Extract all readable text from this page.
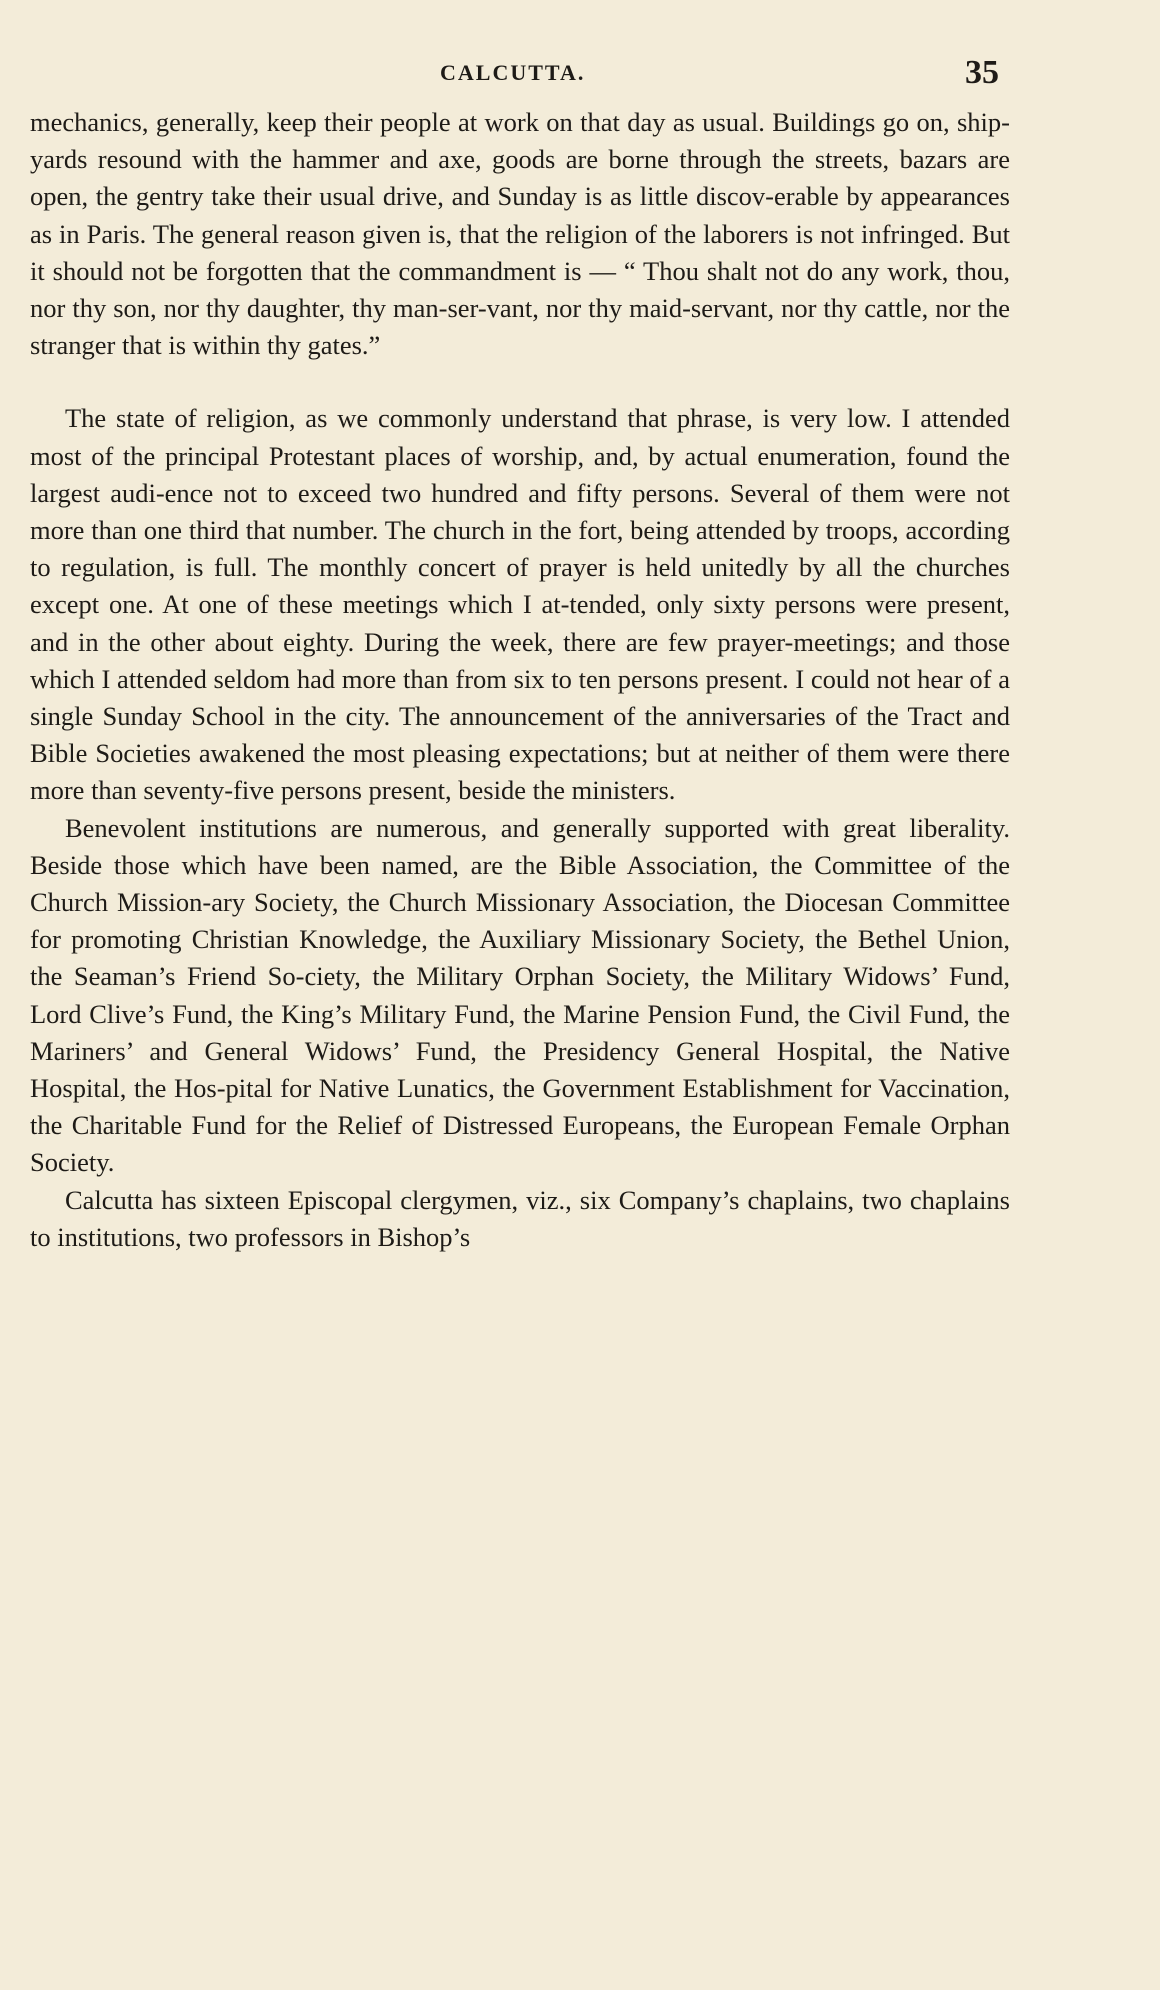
CALCUTTA.	35

mechanics, generally, keep their people at work on that day as usual. Buildings go on, ship-yards resound with the hammer and axe, goods are borne through the streets, bazars are open, the gentry take their usual drive, and Sunday is as little discov-erable by appearances as in Paris. The general reason given is, that the religion of the laborers is not infringed. But it should not be forgotten that the commandment is — “ Thou shalt not do any work, thou, nor thy son, nor thy daughter, thy man-ser-vant, nor thy maid-servant, nor thy cattle, nor the stranger that is within thy gates.”

The state of religion, as we commonly understand that phrase, is very low. I attended most of the principal Protestant places of worship, and, by actual enumeration, found the largest audi-ence not to exceed two hundred and fifty persons. Several of them were not more than one third that number. The church in the fort, being attended by troops, according to regulation, is full. The monthly concert of prayer is held unitedly by all the churches except one. At one of these meetings which I at-tended, only sixty persons were present, and in the other about eighty. During the week, there are few prayer-meetings; and those which I attended seldom had more than from six to ten persons present. I could not hear of a single Sunday School in the city. The announcement of the anniversaries of the Tract and Bible Societies awakened the most pleasing expectations; but at neither of them were there more than seventy-five persons present, beside the ministers.

Benevolent institutions are numerous, and generally supported with great liberality. Beside those which have been named, are the Bible Association, the Committee of the Church Mission-ary Society, the Church Missionary Association, the Diocesan Committee for promoting Christian Knowledge, the Auxiliary Missionary Society, the Bethel Union, the Seaman’s Friend So-ciety, the Military Orphan Society, the Military Widows’ Fund, Lord Clive’s Fund, the King’s Military Fund, the Marine Pension Fund, the Civil Fund, the Mariners’ and General Widows’ Fund, the Presidency General Hospital, the Native Hospital, the Hos-pital for Native Lunatics, the Government Establishment for Vaccination, the Charitable Fund for the Relief of Distressed Europeans, the European Female Orphan Society.

Calcutta has sixteen Episcopal clergymen, viz., six Company’s chaplains, two chaplains to institutions, two professors in Bishop’s
